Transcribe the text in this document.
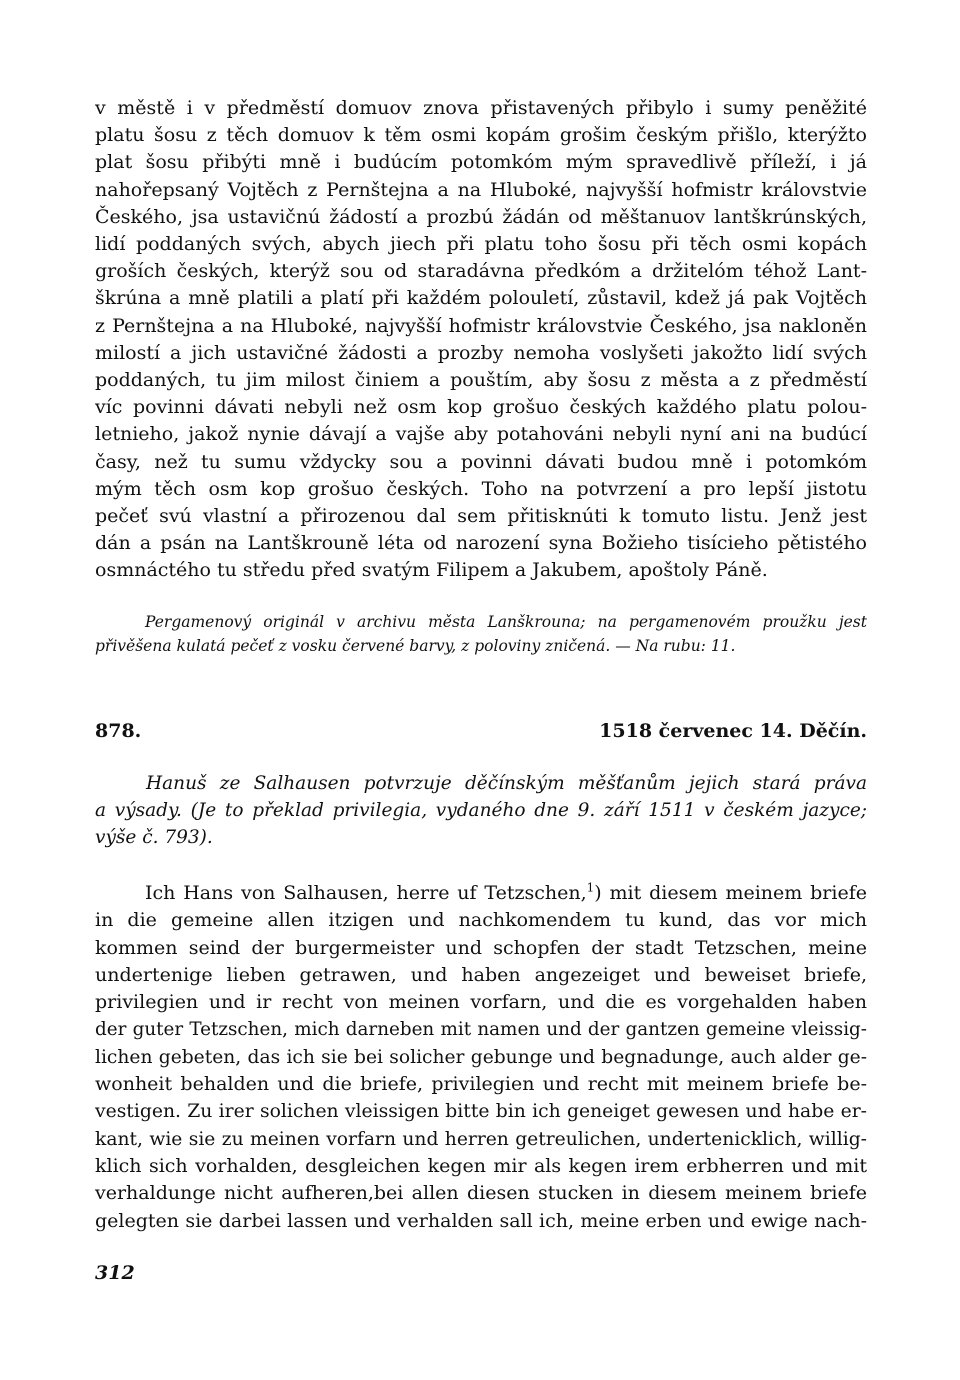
v městě i v předměstí domuov znova přistavených přibylo i sumy peněžité
platu šosu z těch domuov k těm osmi kopám grošim českým přišlo, kterýžto
plat šosu přibýti mně i budúcím potomkóm mým spravedlivě příleží, i já
nahořepsaný Vojtěch z Pernštejna a na Hluboké, najvyšší hofmistr královstvie
Českého, jsa ustavičnú žádostí a prozbú žádán od měštanuov lantškrúnských,
lidí poddaných svých, abych jiech při platu toho šosu při těch osmi kopách
groších českých, kterýž sou od staradávna předkóm a držitelóm téhož Lant-
škrúna a mně platili a platí při každém polouletí, zůstavil, kdež já pak Vojtěch
z Pernštejna a na Hluboké, najvyšší hofmistr královstvie Českého, jsa nakloněn
milostí a jich ustavičné žádosti a prozby nemoha voslyšeti jakožto lidí svých
poddaných, tu jim milost činiem a pouštím, aby šosu z města a z předměstí
víc povinni dávati nebyli než osm kop grošuo českých každého platu polou-
letnieho, jakož nynie dávají a vajše aby potahováni nebyli nyní ani na budúcí
časy, než tu sumu vždycky sou a povinni dávati budou mně i potomkóm
mým těch osm kop grošuo českých. Toho na potvrzení a pro lepší jistotu
pečeť svú vlastní a přirozenou dal sem přitisknúti k tomuto listu. Jenž jest
dán a psán na Lantškrouně léta od narození syna Božieho tisícieho pětistého
osmnáctého tu středu před svatým Filipem a Jakubem, apoštoly Páně.
Pergamenový originál v archivu města Lanškrouna; na pergamenovém proužku jest
přivěšena kulatá pečeť z vosku červené barvy, z poloviny zničená. — Na rubu: 11.
878.	1518 červenec 14. Děčín.
Hanuš ze Salhausen potvrzuje děčínským měšťanům jejich stará práva
a výsady. (Je to překlad privilegia, vydaného dne 9. září 1511 v českém jazyce;
výše č. 793).
Ich Hans von Salhausen, herre uf Tetzschen,$^1$) mit diesem meinem briefe
in die gemeine allen itzigen und nachkomendem tu kund, das vor mich
kommen seind der burgermeister und schopfen der stadt Tetzschen, meine
undertenige lieben getrawen, und haben angezeiget und beweiset briefe,
privilegien und ir recht von meinen vorfarn, und die es vorgehalden haben
der guter Tetzschen, mich darneben mit namen und der gantzen gemeine vleissig-
lichen gebeten, das ich sie bei solicher gebunge und begnadunge, auch alder ge-
wonheit behalden und die briefe, privilegien und recht mit meinem briefe be-
vestigen. Zu irer solichen vleissigen bitte bin ich geneiget gewesen und habe er-
kant, wie sie zu meinen vorfarn und herren getreulichen, undertenicklich, willig-
klich sich vorhalden, desgleichen kegen mir als kegen irem erbherren und mit
verhaldunge nicht aufheren,bei allen diesen stucken in diesem meinem briefe
gelegten sie darbei lassen und verhalden sall ich, meine erben und ewige nach-
312
